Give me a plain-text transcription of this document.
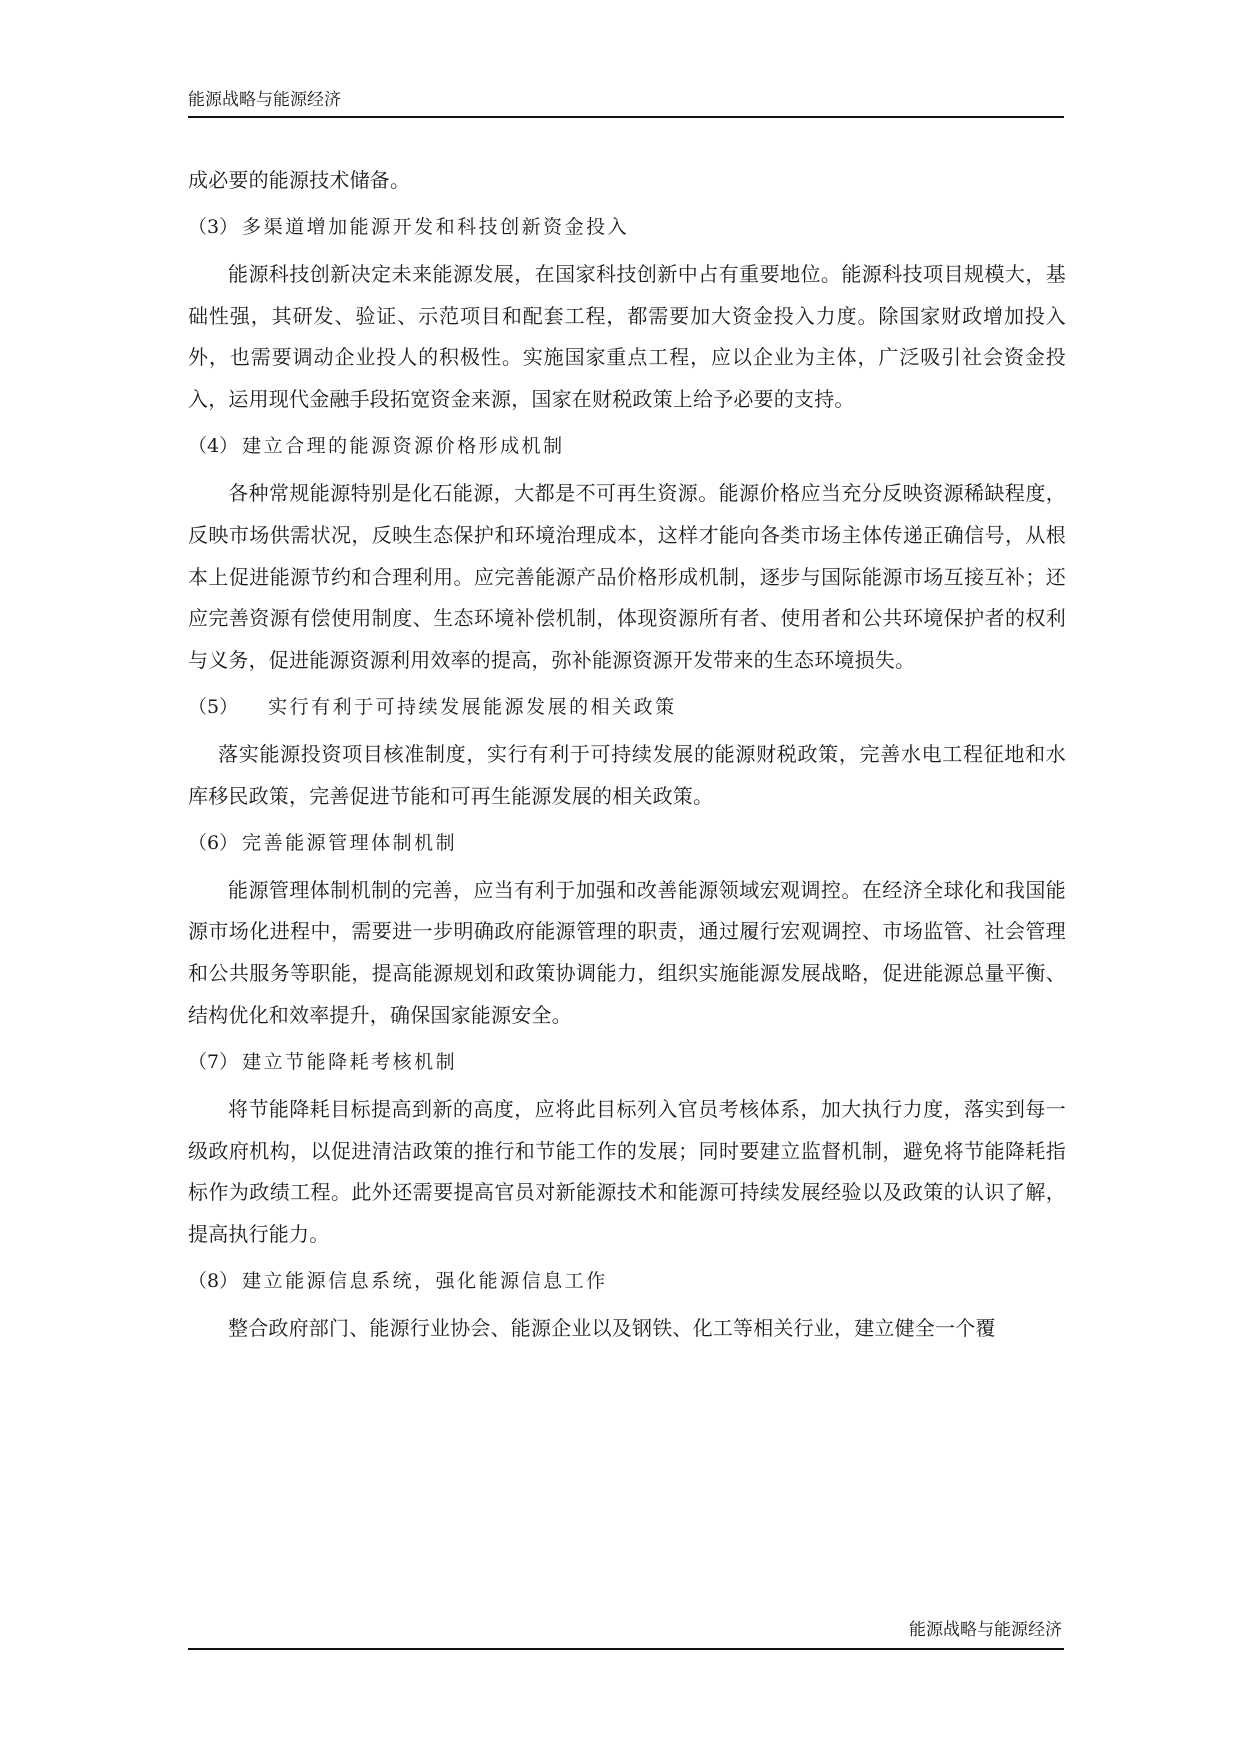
能源战略与能源经济

成必要的能源技术储备。

（3） 多渠道增加能源开发和科技创新资金投入

能源科技创新决定未来能源发展，在国家科技创新中占有重要地位。能源科技项目规模大，基础性强，其研发、验证、示范项目和配套工程，都需要加大资金投入力度。除国家财政增加投入外，也需要调动企业投人的积极性。实施国家重点工程，应以企业为主体，广泛吸引社会资金投入，运用现代金融手段拓宽资金来源，国家在财税政策上给予必要的支持。

（4） 建立合理的能源资源价格形成机制

各种常规能源特别是化石能源，大都是不可再生资源。能源价格应当充分反映资源稀缺程度，反映市场供需状况，反映生态保护和环境治理成本，这样才能向各类市场主体传递正确信号，从根本上促进能源节约和合理利用。应完善能源产品价格形成机制，逐步与国际能源市场互接互补；还应完善资源有偿使用制度、生态环境补偿机制，体现资源所有者、使用者和公共环境保护者的权利与义务，促进能源资源利用效率的提高，弥补能源资源开发带来的生态环境损失。

（5） 实行有利于可持续发展能源发展的相关政策

落实能源投资项目核准制度，实行有利于可持续发展的能源财税政策，完善水电工程征地和水库移民政策，完善促进节能和可再生能源发展的相关政策。

（6） 完善能源管理体制机制

能源管理体制机制的完善，应当有利于加强和改善能源领域宏观调控。在经济全球化和我国能源市场化进程中，需要进一步明确政府能源管理的职责，通过履行宏观调控、市场监管、社会管理和公共服务等职能，提高能源规划和政策协调能力，组织实施能源发展战略，促进能源总量平衡、结构优化和效率提升，确保国家能源安全。

（7） 建立节能降耗考核机制

将节能降耗目标提高到新的高度，应将此目标列入官员考核体系，加大执行力度，落实到每一级政府机构，以促进清洁政策的推行和节能工作的发展；同时要建立监督机制，避免将节能降耗指标作为政绩工程。此外还需要提高官员对新能源技术和能源可持续发展经验以及政策的认识了解，提高执行能力。

（8） 建立能源信息系统，强化能源信息工作

整合政府部门、能源行业协会、能源企业以及钢铁、化工等相关行业，建立健全一个覆

能源战略与能源经济
